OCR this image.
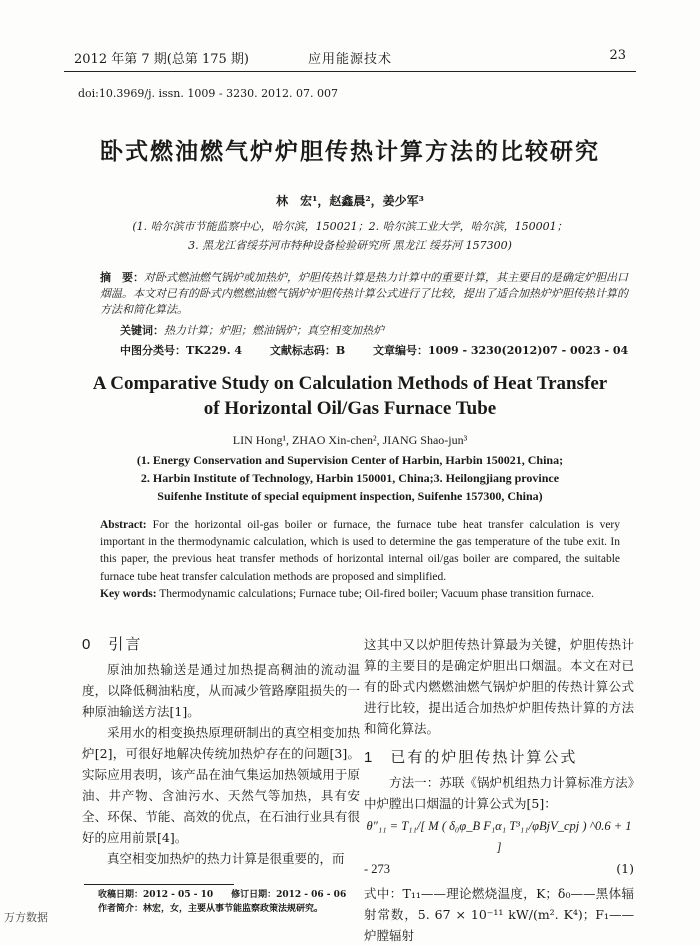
2012 年第 7 期(总第 175 期)	应用能源技术	23
doi:10.3969/j. issn. 1009 - 3230. 2012. 07. 007
卧式燃油燃气炉炉胆传热计算方法的比较研究
林　宏¹，赵鑫晨²，姜少军³
(1. 哈尔滨市节能监察中心，哈尔滨，150021；2. 哈尔滨工业大学，哈尔滨，150001；
3. 黑龙江省绥芬河市特种设备检验研究所 黑龙江 绥芬河 157300)
摘　要：对卧式燃油燃气锅炉或加热炉，炉胆传热计算是热力计算中的重要计算，其主要目的是确定炉胆出口烟温。本文对已有的卧式内燃燃油燃气锅炉炉胆传热计算公式进行了比较，提出了适合加热炉炉胆传热计算的方法和简化算法。
关键词：热力计算；炉胆；燃油锅炉；真空相变加热炉
中图分类号：TK229. 4	文献标志码：B	文章编号：1009 - 3230(2012)07 - 0023 - 04
A Comparative Study on Calculation Methods of Heat Transfer
of Horizontal Oil/Gas Furnace Tube
LIN Hong¹, ZHAO Xin-chen², JIANG Shao-jun³
(1. Energy Conservation and Supervision Center of Harbin, Harbin 150021, China;
2. Harbin Institute of Technology, Harbin 150001, China;3. Heilongjiang province
Suifenhe Institute of special equipment inspection, Suifenhe 157300, China)
Abstract: For the horizontal oil-gas boiler or furnace, the furnace tube heat transfer calculation is very important in the thermodynamic calculation, which is used to determine the gas temperature of the tube exit. In this paper, the previous heat transfer methods of horizontal internal oil/gas boiler are compared, the suitable furnace tube heat transfer calculation methods are proposed and simplified.
Key words: Thermodynamic calculations; Furnace tube; Oil-fired boiler; Vacuum phase transition furnace.
0 引言

原油加热输送是通过加热提高稠油的流动温度，以降低稠油粘度，从而减少管路摩阻损失的一种原油输送方法[1]。

采用水的相变换热原理研制出的真空相变加热炉[2]，可很好地解决传统加热炉存在的问题[3]。实际应用表明，该产品在油气集运加热领域用于原油、井产物、含油污水、天然气等加热，具有安全、环保、节能、高效的优点，在石油行业具有很好的应用前景[4]。

真空相变加热炉的热力计算是很重要的，而

这其中又以炉胆传热计算最为关键，炉胆传热计算的主要目的是确定炉胆出口烟温。本文在对已有的卧式内燃燃油燃气锅炉炉胆的传热计算公式进行比较，提出适合加热炉炉胆传热计算的方法和简化算法。

1 已有的炉胆传热计算公式

方法一：苏联《锅炉机组热力计算标准方法》中炉膛出口烟温的计算公式为[5]：

θ″₁₁ = T₁₁/[ M ( δ₀φ_B F₁α₁ T³₁₁/φBjV_cpj ) ^0.6 + 1 ]
- 273	(1)

式中：T₁₁——理论燃烧温度，K；δ₀——黑体辐射常数，5. 67 × 10⁻¹¹ kW/(m². K⁴)；F₁——炉膛辐射

收稿日期：2012 - 05 - 10　　修订日期：2012 - 06 - 06
作者简介：林宏，女，主要从事节能监察政策法规研究。
万方数据
